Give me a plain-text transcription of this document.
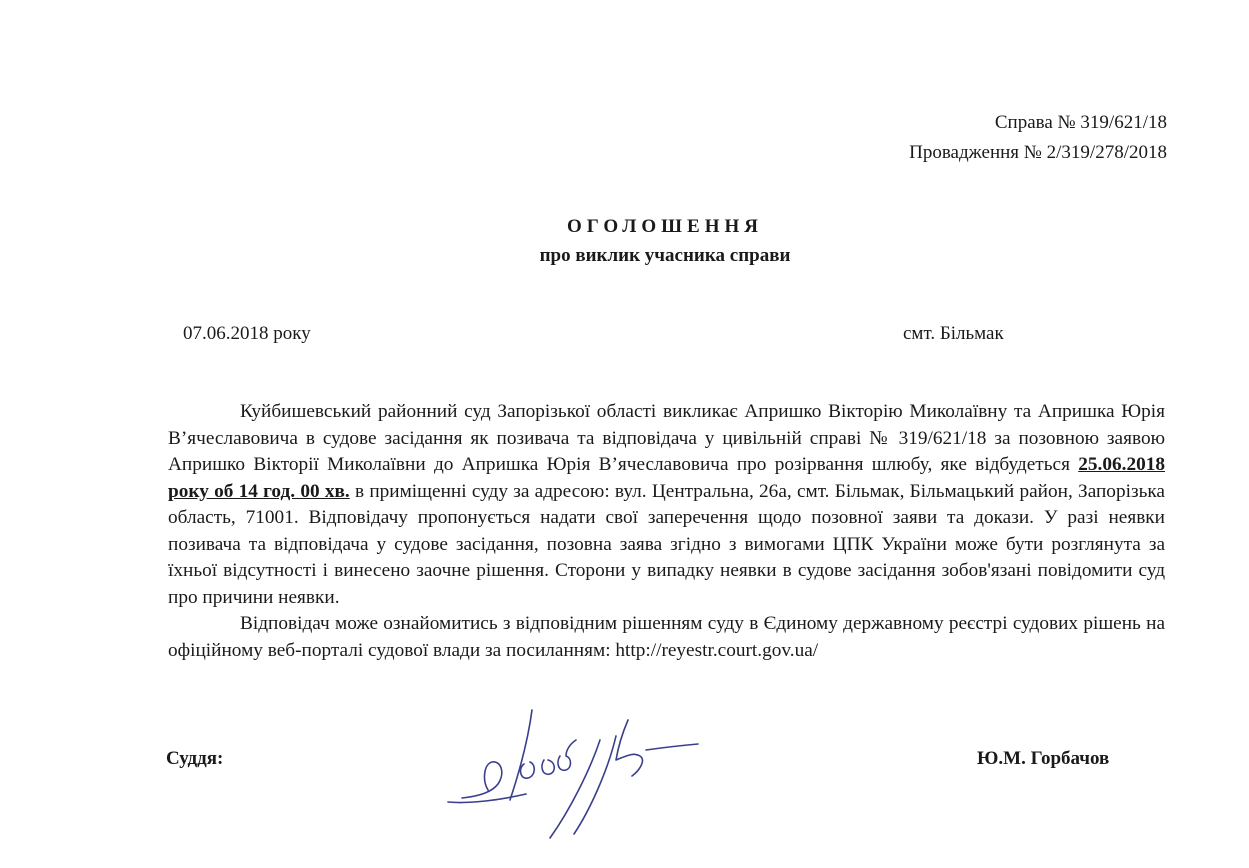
Справа № 319/621/18
Провадження № 2/319/278/2018
ОГОЛОШЕННЯ
про виклик учасника справи
07.06.2018 року	смт. Більмак

Куйбишевський районний суд Запорізької області викликає Апришко Вікторію Миколаївну та Апришка Юрія В’ячеславовича в судове засідання як позивача та відповідача у цивільній справі № 319/621/18 за позовною заявою Апришко Вікторії Миколаївни до Апришка Юрія В’ячеславовича про розірвання шлюбу, яке відбудеться 25.06.2018 року об 14 год. 00 хв. в приміщенні суду за адресою: вул. Центральна, 26а, смт. Більмак, Більмацький район, Запорізька область, 71001. Відповідачу пропонується надати свої заперечення щодо позовної заяви та докази. У разі неявки позивача та відповідача у судове засідання, позовна заява згідно з вимогами ЦПК України може бути розглянута за їхньої відсутності і винесено заочне рішення. Сторони у випадку неявки в судове засідання зобов'язані повідомити суд про причини неявки.

Відповідач може ознайомитись з відповідним рішенням суду в Єдиному державному реєстрі судових рішень на офіційному веб-порталі судової влади за посиланням: http://reyestr.court.gov.ua/

Суддя:	Ю.М. Горбачов
